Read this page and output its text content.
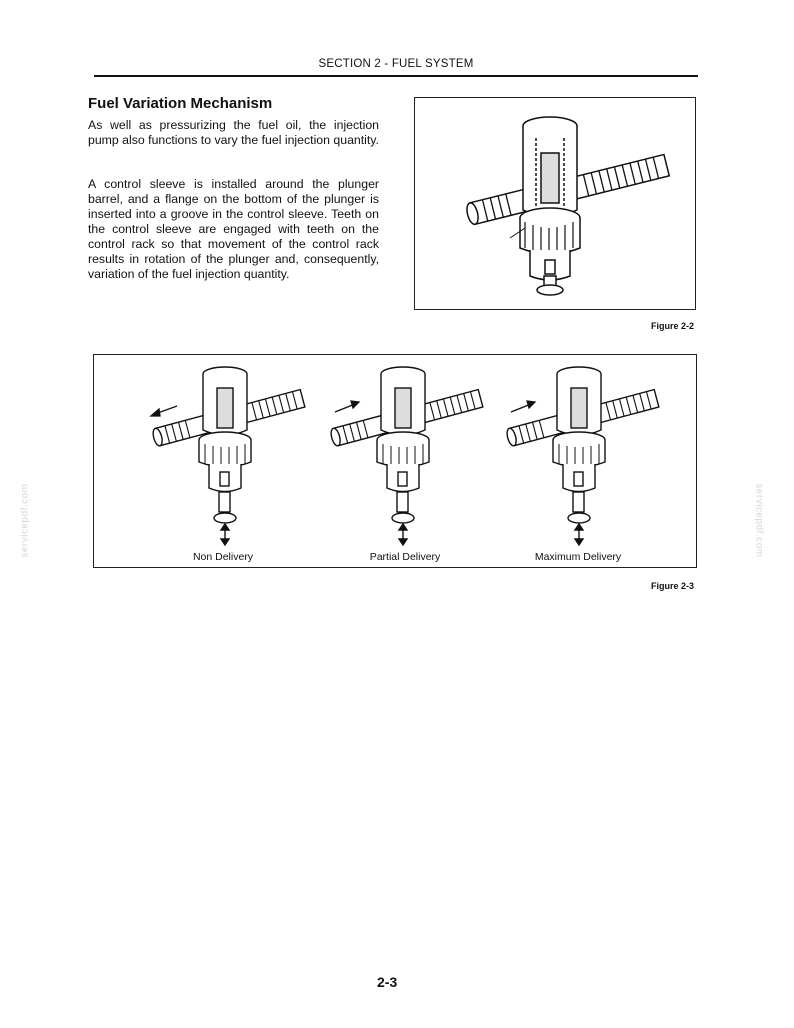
SECTION 2 - FUEL SYSTEM
Fuel Variation Mechanism

As well as pressurizing the fuel oil, the injection pump also functions to vary the fuel injection quantity.

A control sleeve is installed around the plunger barrel, and a flange on the bottom of the plunger is inserted into a groove in the control sleeve. Teeth on the control sleeve are engaged with teeth on the control rack so that movement of the control rack results in rotation of the plunger and, consequently, variation of the fuel injection quantity.

Figure 2-2
Non Delivery	Partial Delivery	Maximum Delivery
Figure 2-3
servicepdf.com	servicepdf.com
2-3
